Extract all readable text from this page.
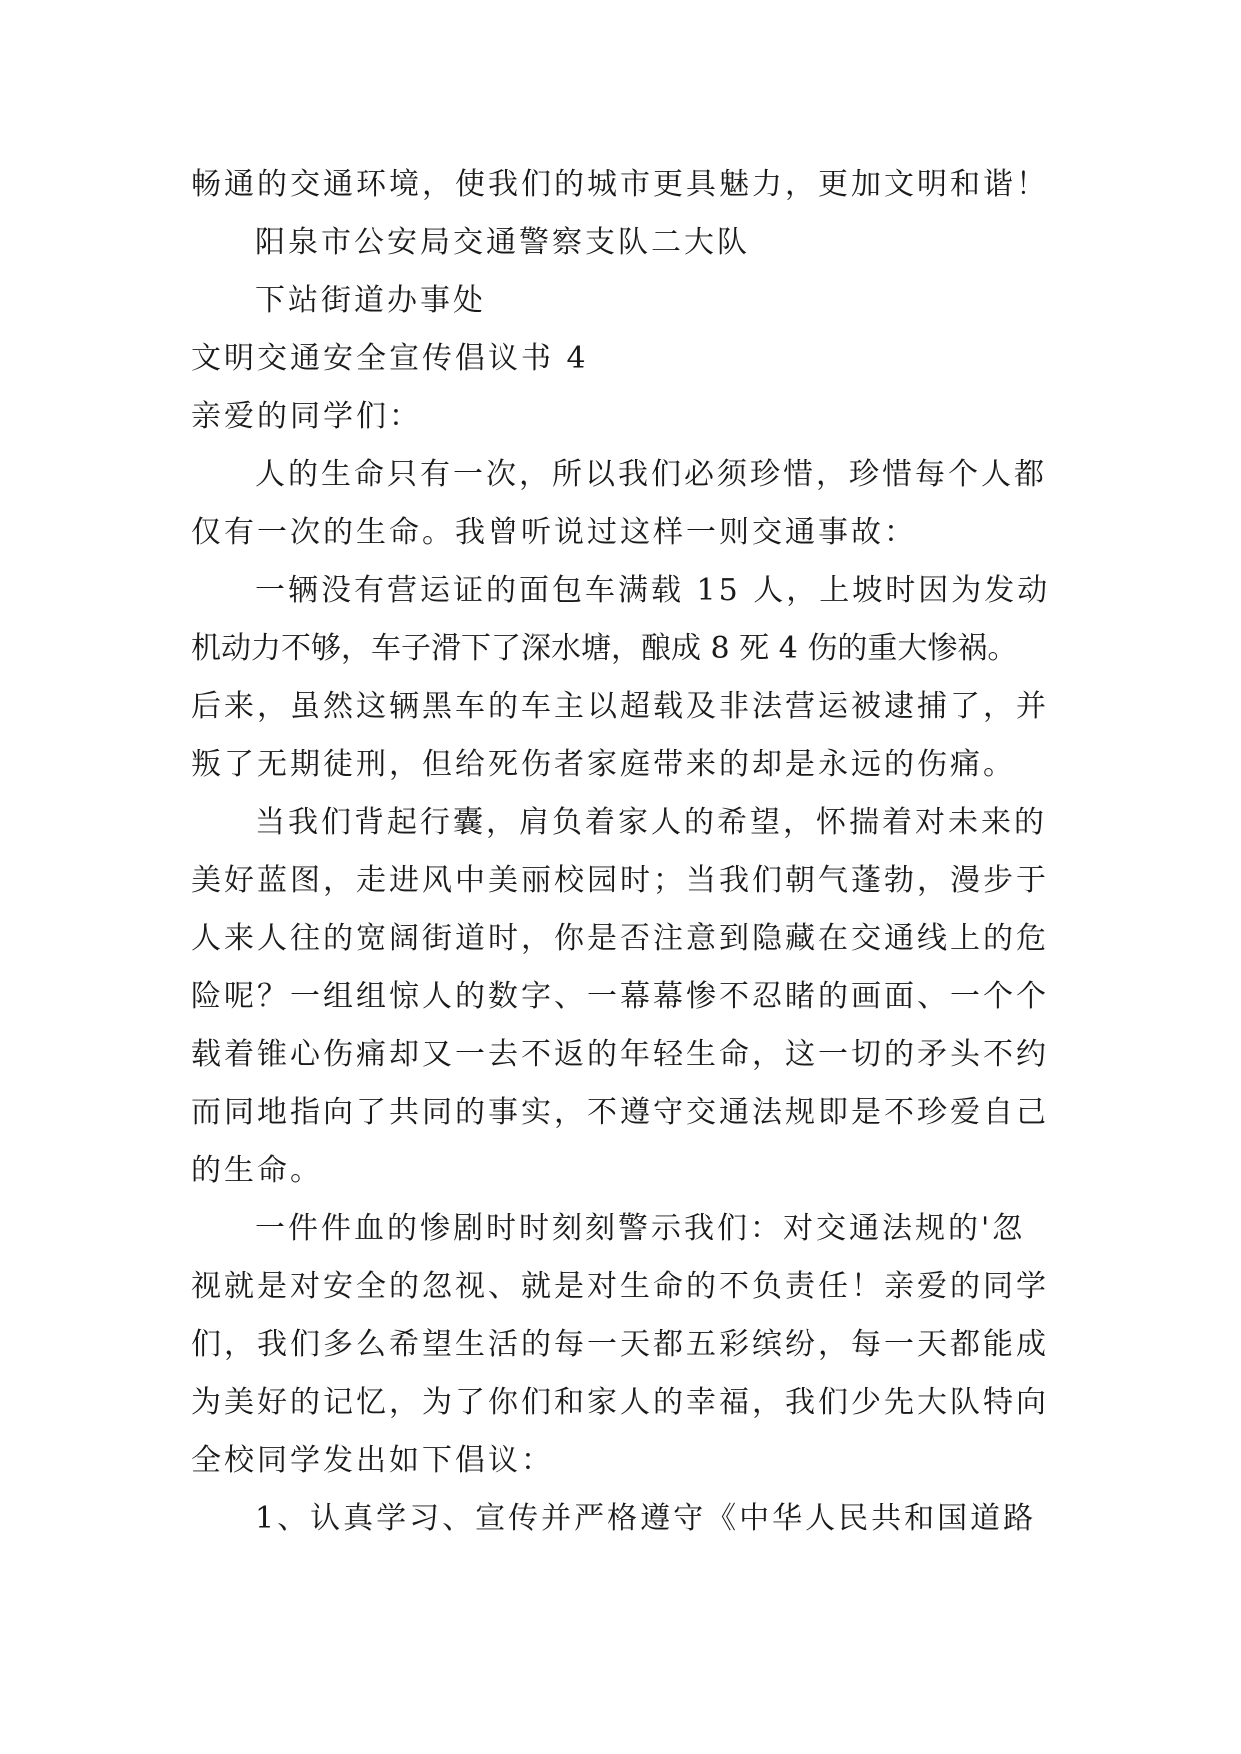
畅通的交通环境，使我们的城市更具魅力，更加文明和谐！
阳泉市公安局交通警察支队二大队
下站街道办事处
文明交通安全宣传倡议书 4
亲爱的同学们：
人的生命只有一次，所以我们必须珍惜，珍惜每个人都
仅有一次的生命。我曾听说过这样一则交通事故：
一辆没有营运证的面包车满载 15 人，上坡时因为发动
机动力不够，车子滑下了深水塘，酿成 8 死 4 伤的重大惨祸。
后来，虽然这辆黑车的车主以超载及非法营运被逮捕了，并
叛了无期徒刑，但给死伤者家庭带来的却是永远的伤痛。
当我们背起行囊，肩负着家人的希望，怀揣着对未来的
美好蓝图，走进风中美丽校园时；当我们朝气蓬勃，漫步于
人来人往的宽阔街道时，你是否注意到隐藏在交通线上的危
险呢？一组组惊人的数字、一幕幕惨不忍睹的画面、一个个
载着锥心伤痛却又一去不返的年轻生命，这一切的矛头不约
而同地指向了共同的事实，不遵守交通法规即是不珍爱自己
的生命。
一件件血的惨剧时时刻刻警示我们：对交通法规的'忽
视就是对安全的忽视、就是对生命的不负责任！亲爱的同学
们，我们多么希望生活的每一天都五彩缤纷，每一天都能成
为美好的记忆，为了你们和家人的幸福，我们少先大队特向
全校同学发出如下倡议：
1、认真学习、宣传并严格遵守《中华人民共和国道路
